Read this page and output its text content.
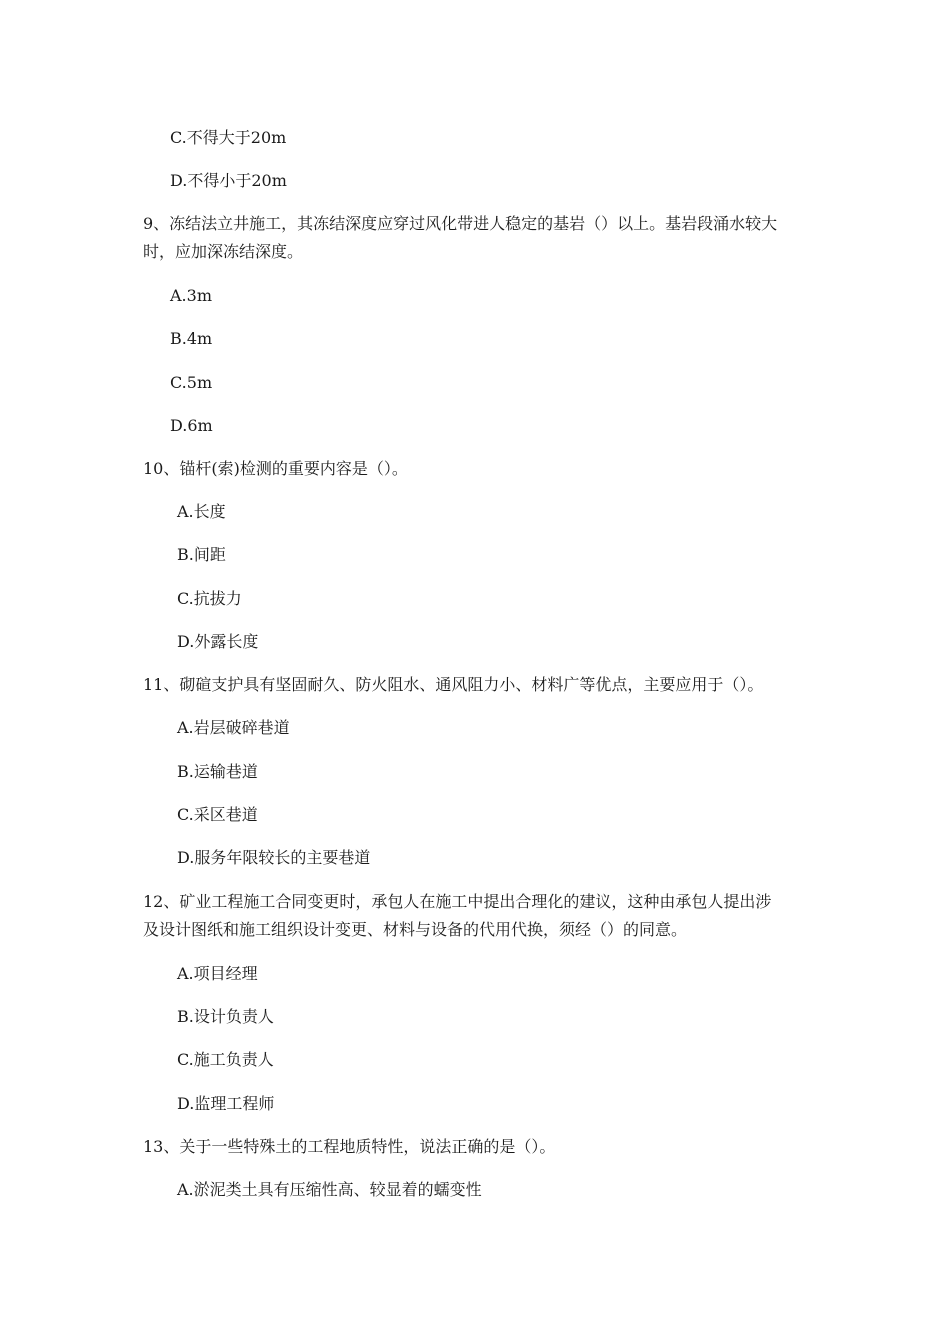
C.不得大于20m
D.不得小于20m
9、冻结法立井施工，其冻结深度应穿过风化带进人稳定的基岩（）以上。基岩段涌水较大
时，应加深冻结深度。
A.3m
B.4m
C.5m
D.6m
10、锚杆(索)检测的重要内容是（）。
A.长度
B.间距
C.抗拔力
D.外露长度
11、砌碹支护具有坚固耐久、防火阻水、通风阻力小、材料广等优点，主要应用于（）。
A.岩层破碎巷道
B.运输巷道
C.采区巷道
D.服务年限较长的主要巷道
12、矿业工程施工合同变更时，承包人在施工中提出合理化的建议，这种由承包人提出涉
及设计图纸和施工组织设计变更、材料与设备的代用代换，须经（）的同意。
A.项目经理
B.设计负责人
C.施工负责人
D.监理工程师
13、关于一些特殊土的工程地质特性，说法正确的是（）。
A.淤泥类土具有压缩性高、较显着的蠕变性
